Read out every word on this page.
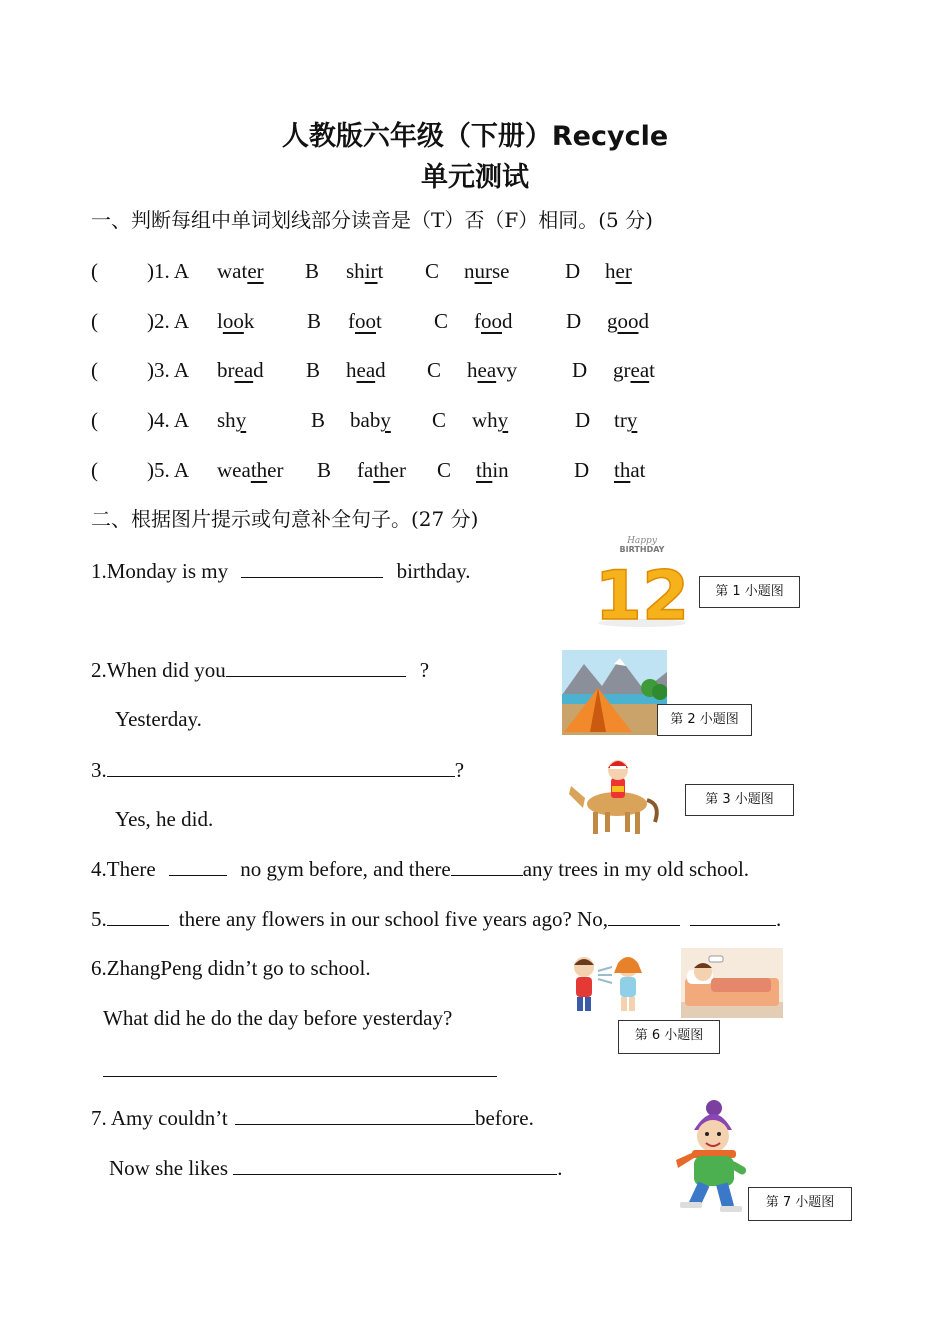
人教版六年级（下册）Recycle
单元测试
一、判断每组中单词划线部分读音是（T）否（F）相同。(5 分)
( )1. A water B shirt C nurse	D her
( )2. A look	B foot C food	D good
( )3. A bread B head C heavy	D great
( )4. A shy	B baby C why	D try
( )5. A weather B father C thin	D that
二、根据图片提示或句意补全句子。(27 分)
1.Monday is my	birthday.
2.When did you	?
Yesterday.
3.	?
Yes, he did.
4.There	no gym before, and there	any trees in my old school.
5.	there any flowers in our school five years ago? No,	.
6.ZhangPeng didn’t go to school.
What did he do the day before yesterday?
7. Amy couldn’t	before.
Now she likes	.
Happy
BIRTHDAY
12	第 1 小题图
第 2 小题图
第 3 小题图
第 6 小题图
第 7 小题图
